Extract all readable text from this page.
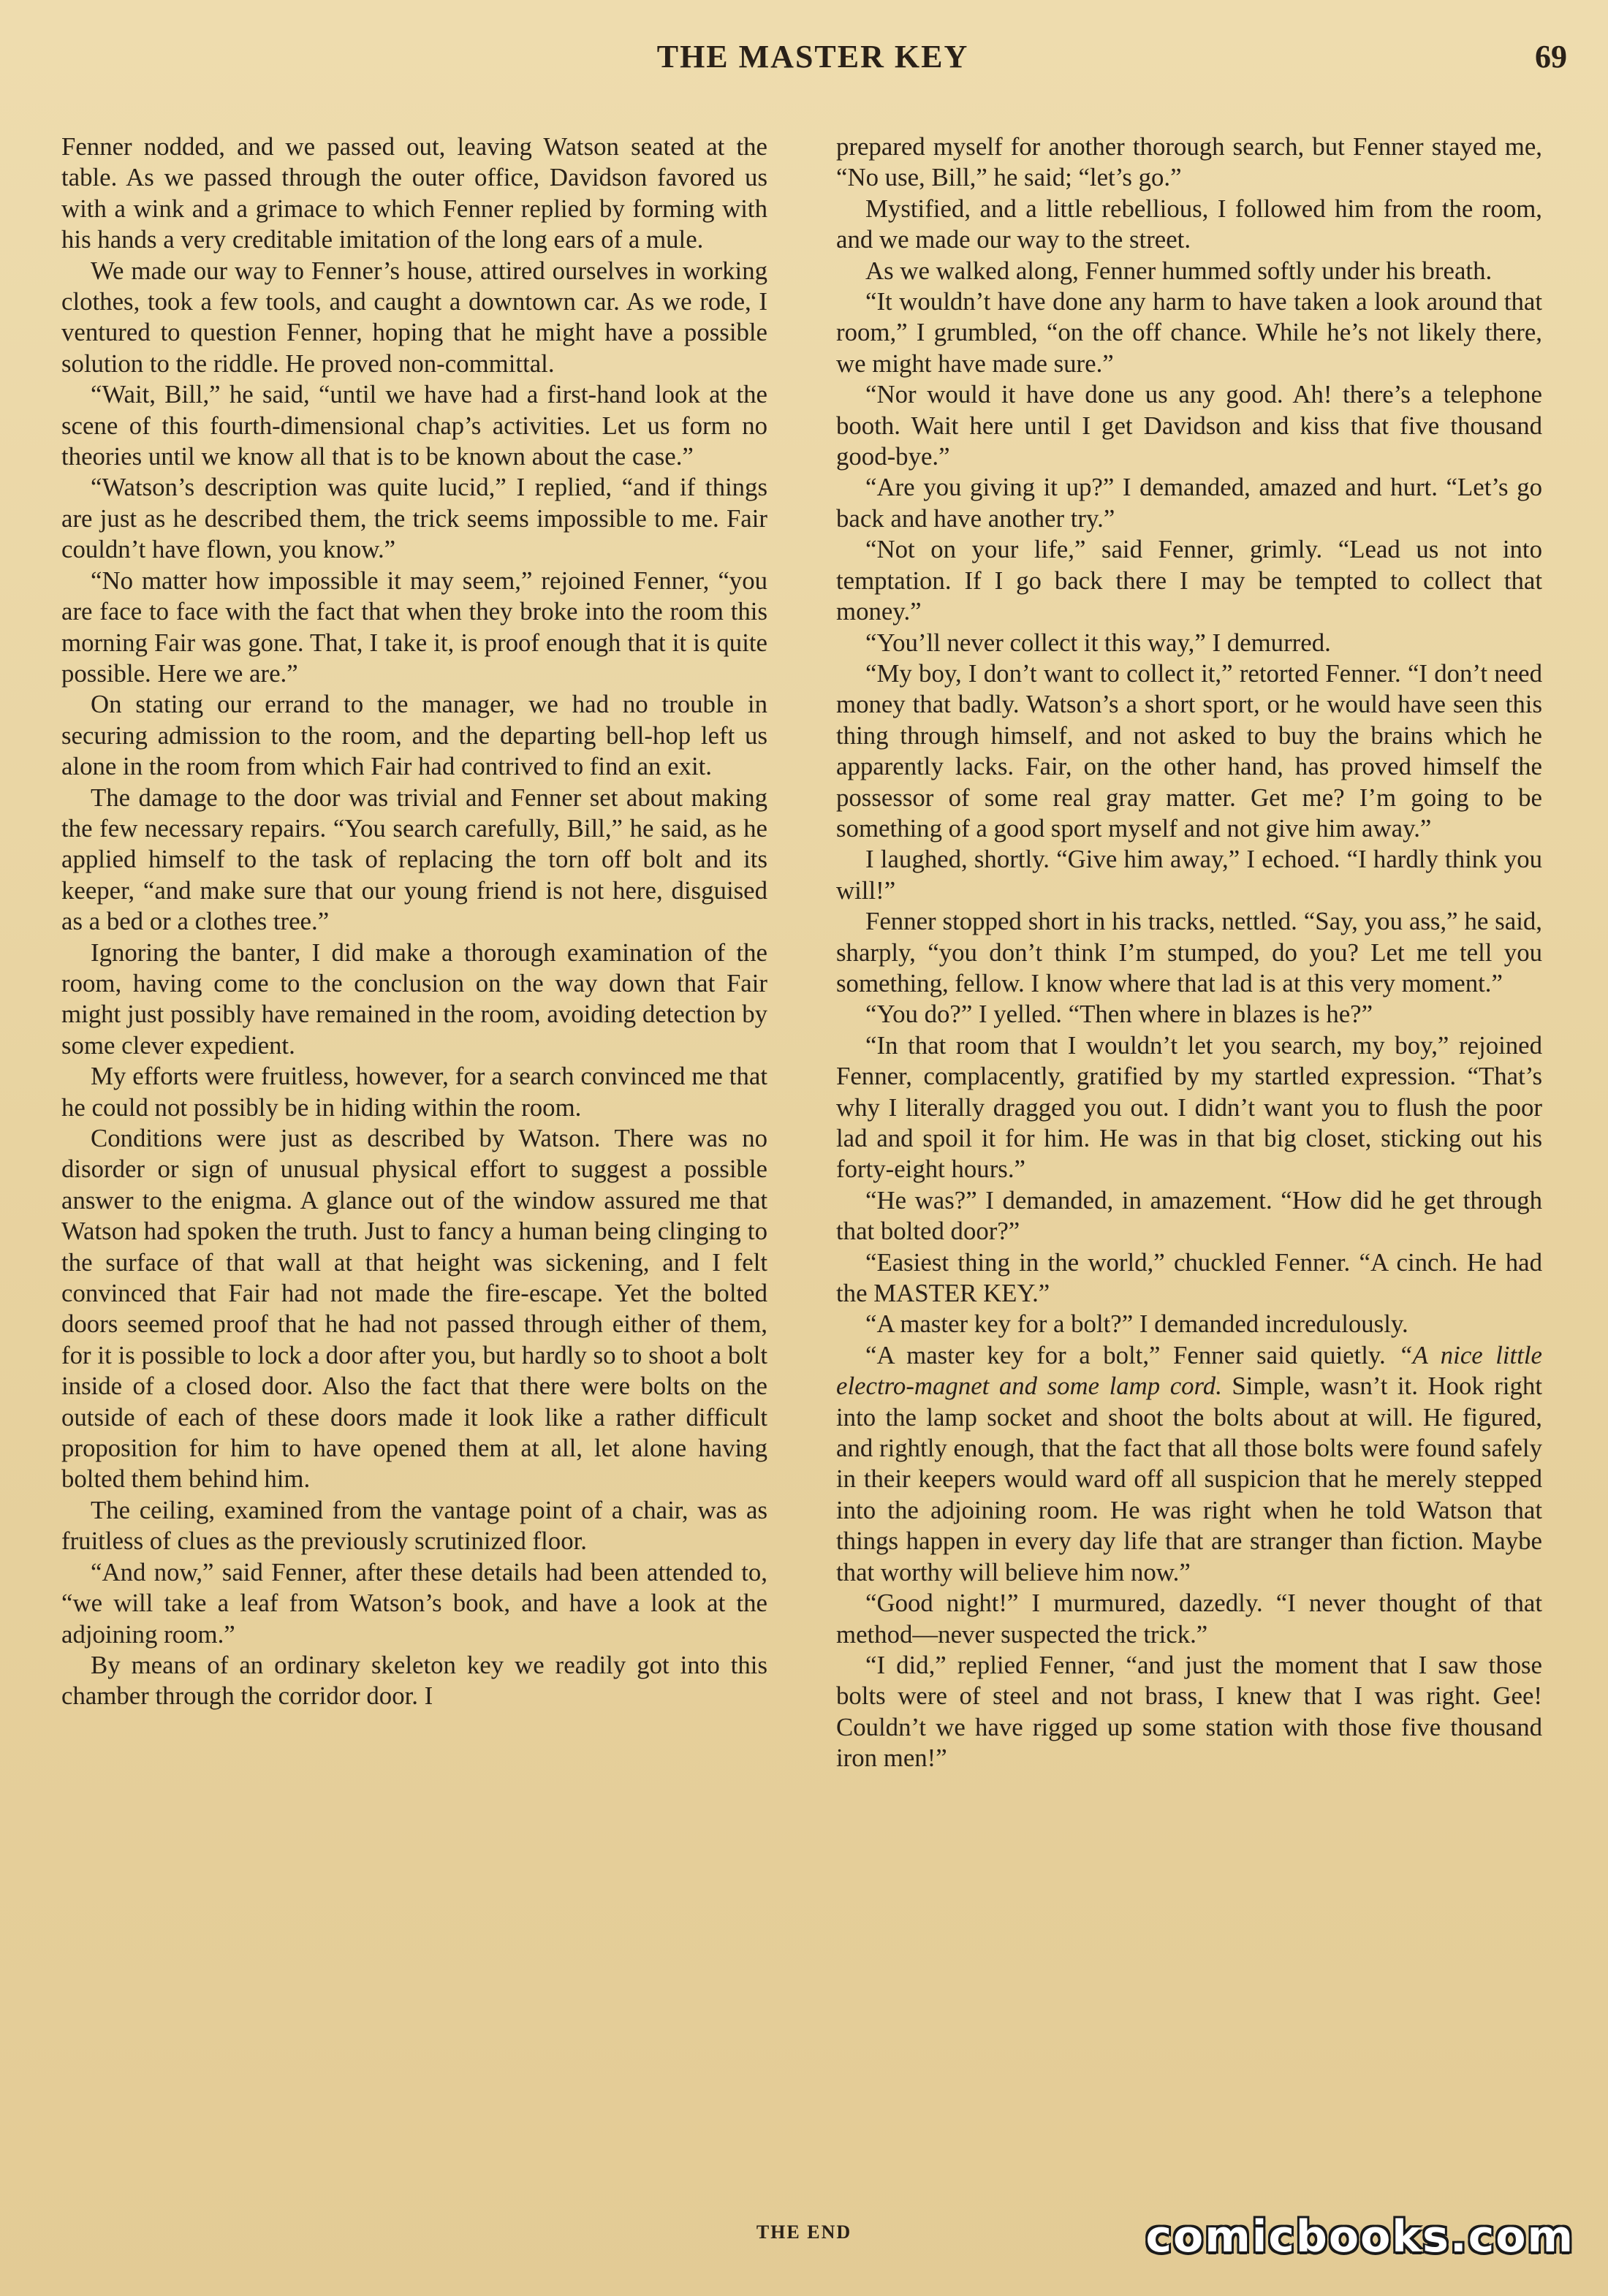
THE MASTER KEY	69

Fenner nodded, and we passed out, leaving Watson seated at the table. As we passed through the outer office, Davidson favored us with a wink and a grimace to which Fenner replied by forming with his hands a very creditable imitation of the long ears of a mule.

We made our way to Fenner’s house, attired ourselves in working clothes, took a few tools, and caught a downtown car. As we rode, I ventured to question Fenner, hoping that he might have a possible solution to the riddle. He proved non-committal.

“Wait, Bill,” he said, “until we have had a first-hand look at the scene of this fourth-dimensional chap’s activities. Let us form no theories until we know all that is to be known about the case.”

“Watson’s description was quite lucid,” I replied, “and if things are just as he described them, the trick seems impossible to me. Fair couldn’t have flown, you know.”

“No matter how impossible it may seem,” rejoined Fenner, “you are face to face with the fact that when they broke into the room this morning Fair was gone. That, I take it, is proof enough that it is quite possible. Here we are.”

On stating our errand to the manager, we had no trouble in securing admission to the room, and the departing bell-hop left us alone in the room from which Fair had contrived to find an exit.

The damage to the door was trivial and Fenner set about making the few necessary repairs. “You search carefully, Bill,” he said, as he applied himself to the task of replacing the torn off bolt and its keeper, “and make sure that our young friend is not here, disguised as a bed or a clothes tree.”

Ignoring the banter, I did make a thorough examination of the room, having come to the conclusion on the way down that Fair might just possibly have remained in the room, avoiding detection by some clever expedient.

My efforts were fruitless, however, for a search convinced me that he could not possibly be in hiding within the room.

Conditions were just as described by Watson. There was no disorder or sign of unusual physical effort to suggest a possible answer to the enigma. A glance out of the window assured me that Watson had spoken the truth. Just to fancy a human being clinging to the surface of that wall at that height was sickening, and I felt convinced that Fair had not made the fire-escape. Yet the bolted doors seemed proof that he had not passed through either of them, for it is possible to lock a door after you, but hardly so to shoot a bolt inside of a closed door. Also the fact that there were bolts on the outside of each of these doors made it look like a rather difficult proposition for him to have opened them at all, let alone having bolted them behind him.

The ceiling, examined from the vantage point of a chair, was as fruitless of clues as the previously scrutinized floor.

“And now,” said Fenner, after these details had been attended to, “we will take a leaf from Watson’s book, and have a look at the adjoining room.”

By means of an ordinary skeleton key we readily got into this chamber through the corridor door. I

prepared myself for another thorough search, but Fenner stayed me, “No use, Bill,” he said; “let’s go.”

Mystified, and a little rebellious, I followed him from the room, and we made our way to the street.

As we walked along, Fenner hummed softly under his breath.

“It wouldn’t have done any harm to have taken a look around that room,” I grumbled, “on the off chance. While he’s not likely there, we might have made sure.”

“Nor would it have done us any good. Ah! there’s a telephone booth. Wait here until I get Davidson and kiss that five thousand good-bye.”

“Are you giving it up?” I demanded, amazed and hurt. “Let’s go back and have another try.”

“Not on your life,” said Fenner, grimly. “Lead us not into temptation. If I go back there I may be tempted to collect that money.”

“You’ll never collect it this way,” I demurred.

“My boy, I don’t want to collect it,” retorted Fenner. “I don’t need money that badly. Watson’s a short sport, or he would have seen this thing through himself, and not asked to buy the brains which he apparently lacks. Fair, on the other hand, has proved himself the possessor of some real gray matter. Get me? I’m going to be something of a good sport myself and not give him away.”

I laughed, shortly. “Give him away,” I echoed. “I hardly think you will!”

Fenner stopped short in his tracks, nettled. “Say, you ass,” he said, sharply, “you don’t think I’m stumped, do you? Let me tell you something, fellow. I know where that lad is at this very moment.”

“You do?” I yelled. “Then where in blazes is he?”

“In that room that I wouldn’t let you search, my boy,” rejoined Fenner, complacently, gratified by my startled expression. “That’s why I literally dragged you out. I didn’t want you to flush the poor lad and spoil it for him. He was in that big closet, sticking out his forty-eight hours.”

“He was?” I demanded, in amazement. “How did he get through that bolted door?”

“Easiest thing in the world,” chuckled Fenner. “A cinch. He had the MASTER KEY.”

“A master key for a bolt?” I demanded incredulously.

“A master key for a bolt,” Fenner said quietly. “A nice little electro-magnet and some lamp cord. Simple, wasn’t it. Hook right into the lamp socket and shoot the bolts about at will. He figured, and rightly enough, that the fact that all those bolts were found safely in their keepers would ward off all suspicion that he merely stepped into the adjoining room. He was right when he told Watson that things happen in every day life that are stranger than fiction. Maybe that worthy will believe him now.”

“Good night!” I murmured, dazedly. “I never thought of that method—never suspected the trick.”

“I did,” replied Fenner, “and just the moment that I saw those bolts were of steel and not brass, I knew that I was right. Gee! Couldn’t we have rigged up some station with those five thousand iron men!”

THE END	comicbooks.com
